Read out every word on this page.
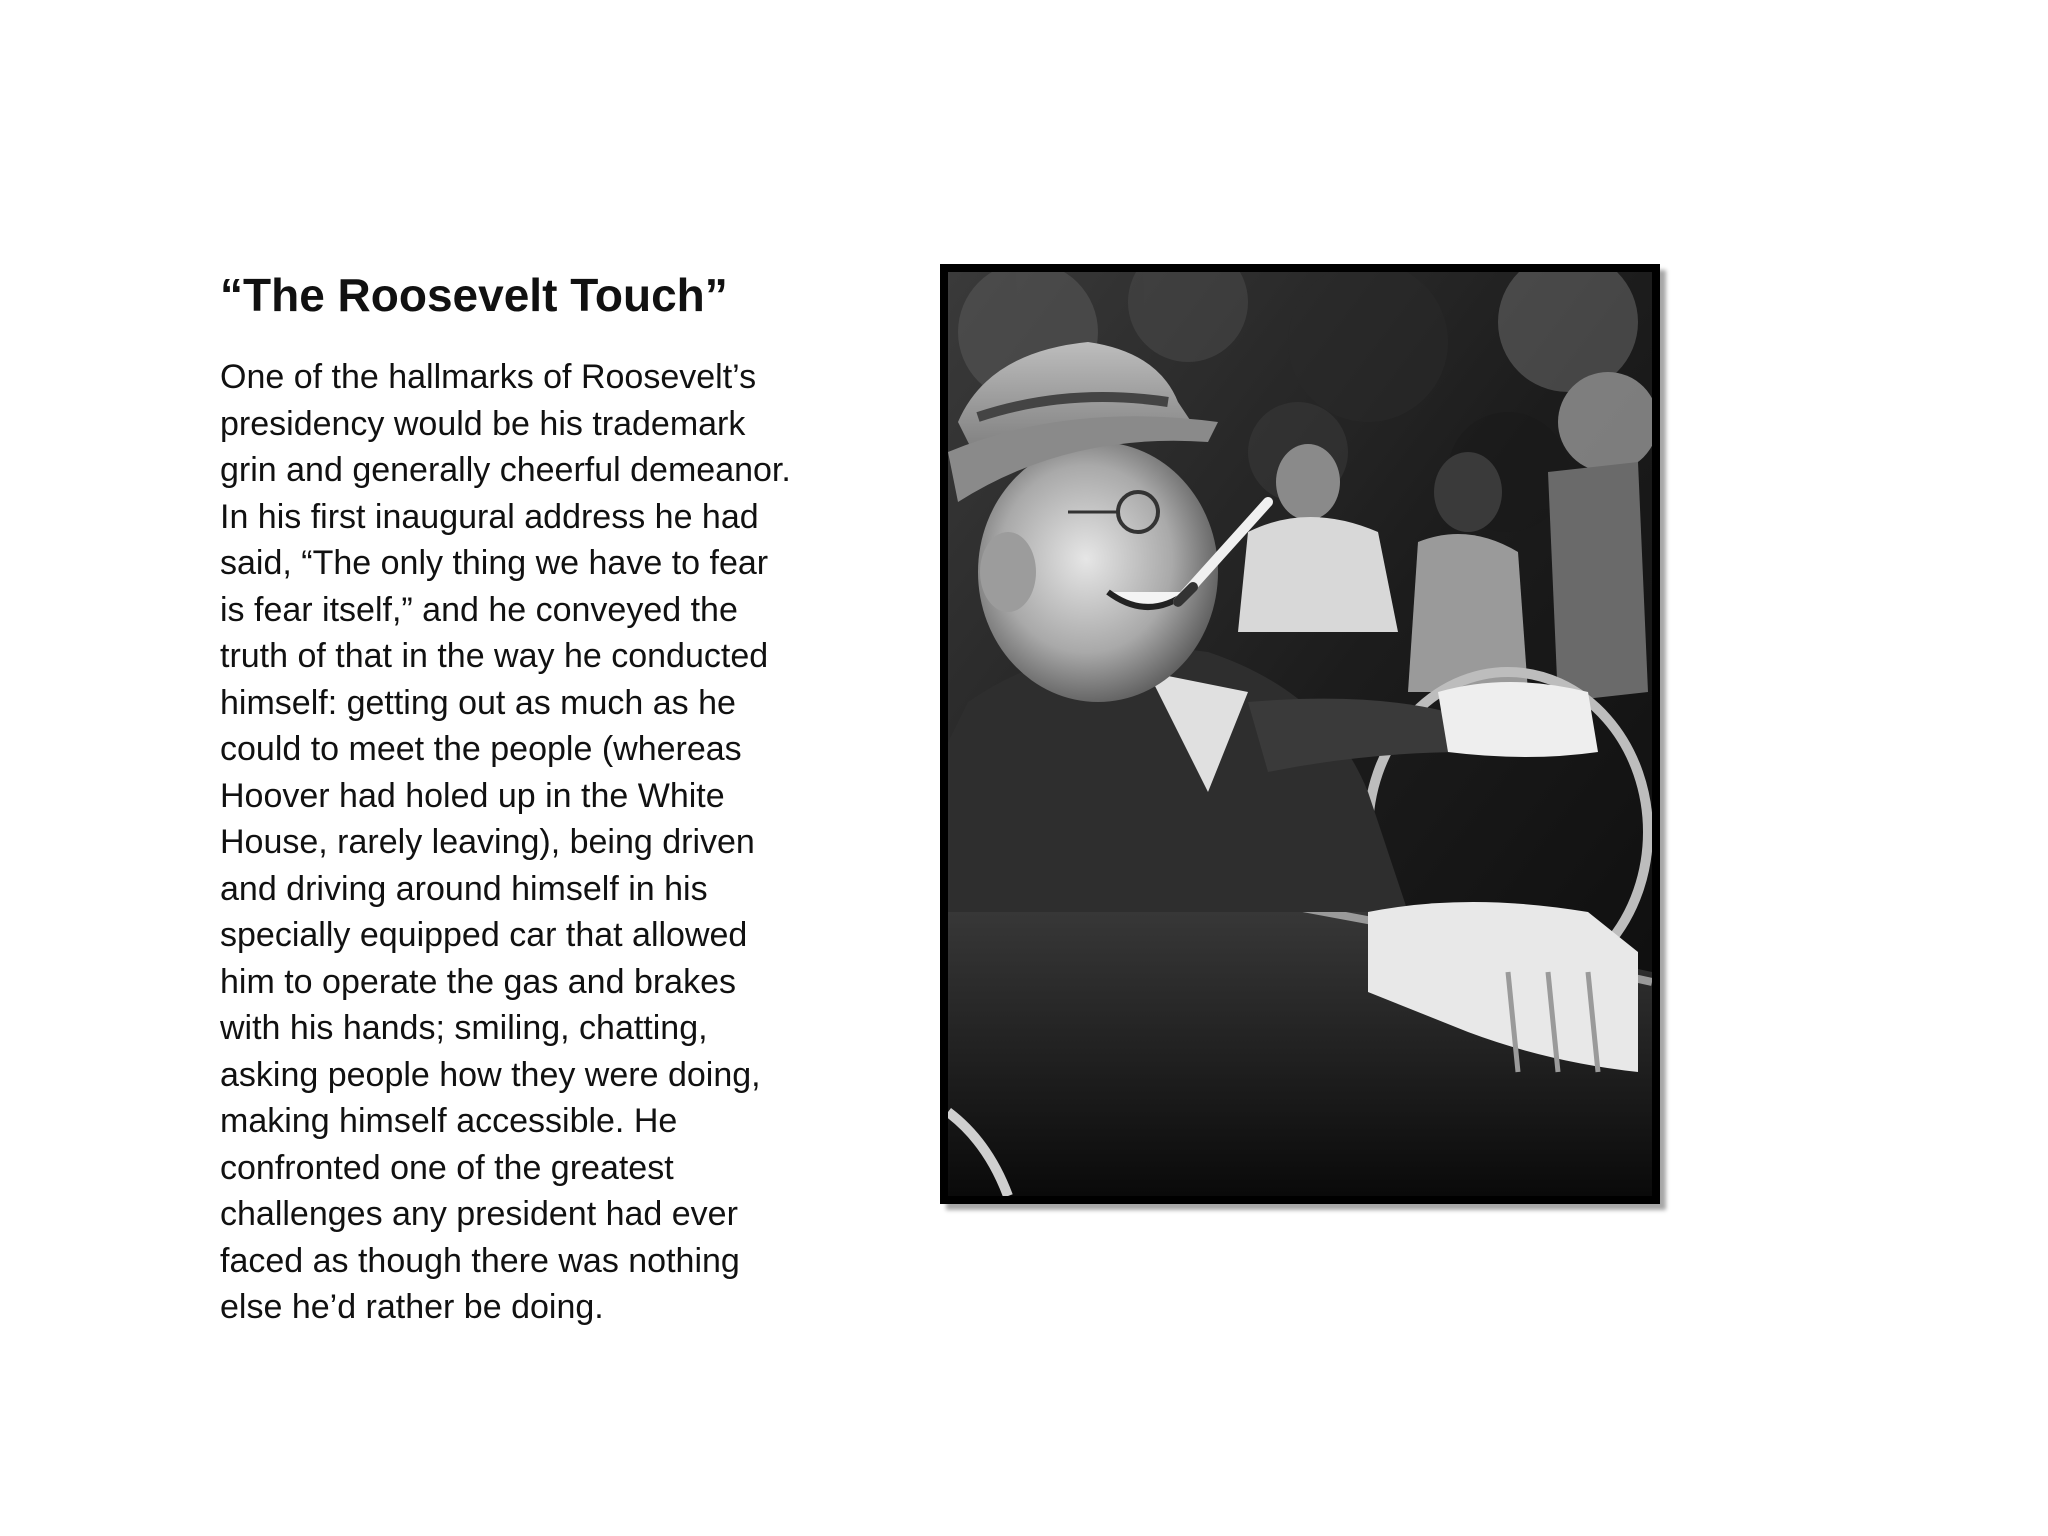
“The Roosevelt Touch”
One of the hallmarks of Roosevelt’s
presidency would be his trademark
grin and generally cheerful demeanor.
In his first inaugural address he had
said, “The only thing we have to fear
is fear itself,” and he conveyed the
truth of that in the way he conducted
himself: getting out as much as he
could to meet the people (whereas
Hoover had holed up in the White
House, rarely leaving), being driven
and driving around himself in his
specially equipped car that allowed
him to operate the gas and brakes
with his hands; smiling, chatting,
asking people how they were doing,
making himself accessible. He
confronted one of the greatest
challenges any president had ever
faced as though there was nothing
else he’d rather be doing.
